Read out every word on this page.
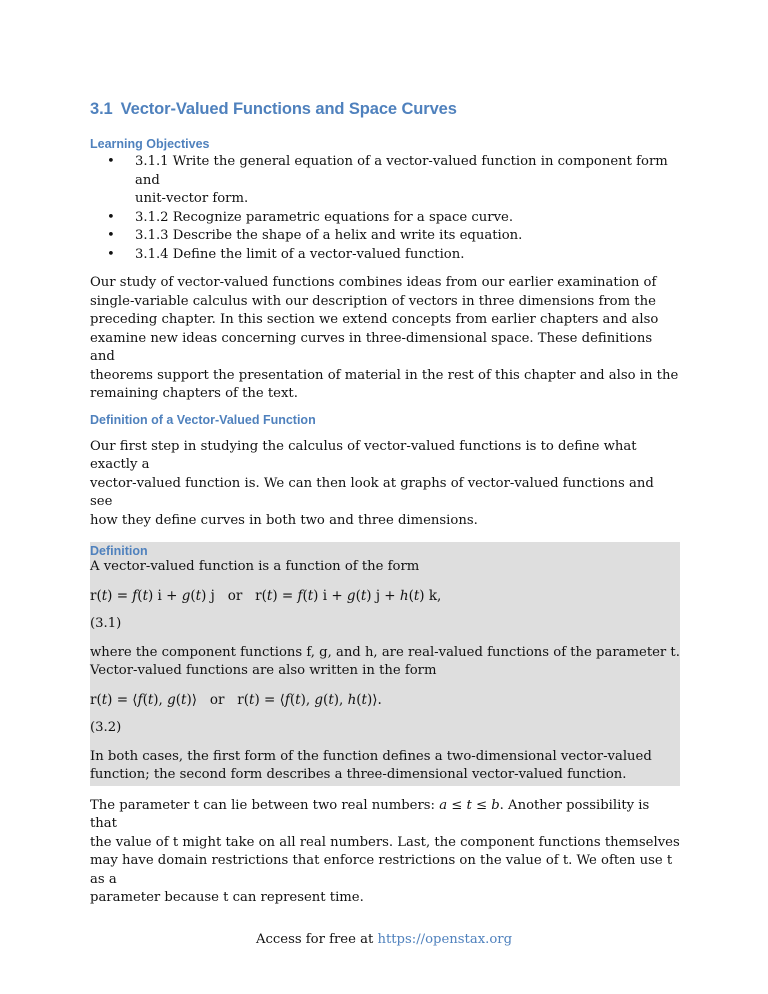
3.1 Vector-Valued Functions and Space Curves
Learning Objectives
• 3.1.1 Write the general equation of a vector-valued function in component form and
unit-vector form.
• 3.1.2 Recognize parametric equations for a space curve.
• 3.1.3 Describe the shape of a helix and write its equation.
• 3.1.4 Define the limit of a vector-valued function.
Our study of vector-valued functions combines ideas from our earlier examination of
single-variable calculus with our description of vectors in three dimensions from the
preceding chapter. In this section we extend concepts from earlier chapters and also
examine new ideas concerning curves in three-dimensional space. These definitions and
theorems support the presentation of material in the rest of this chapter and also in the
remaining chapters of the text.
Definition of a Vector-Valued Function
Our first step in studying the calculus of vector-valued functions is to define what exactly a
vector-valued function is. We can then look at graphs of vector-valued functions and see
how they define curves in both two and three dimensions.
Definition
A vector-valued function is a function of the form
r(𝑡) = 𝑓(𝑡) i + 𝑔(𝑡) j   or   r(𝑡) = 𝑓(𝑡) i + 𝑔(𝑡) j + ℎ(𝑡) k,
(3.1)
where the component functions f, g, and h, are real-valued functions of the parameter t.
Vector-valued functions are also written in the form
r(𝑡) = ⟨𝑓(𝑡), 𝑔(𝑡)⟩   or   r(𝑡) = ⟨𝑓(𝑡), 𝑔(𝑡), ℎ(𝑡)⟩.
(3.2)
In both cases, the first form of the function defines a two-dimensional vector-valued
function; the second form describes a three-dimensional vector-valued function.
The parameter t can lie between two real numbers: 𝑎 ≤ 𝑡 ≤ 𝑏. Another possibility is that
the value of t might take on all real numbers. Last, the component functions themselves
may have domain restrictions that enforce restrictions on the value of t. We often use t as a
parameter because t can represent time.
Access for free at https://openstax.org
